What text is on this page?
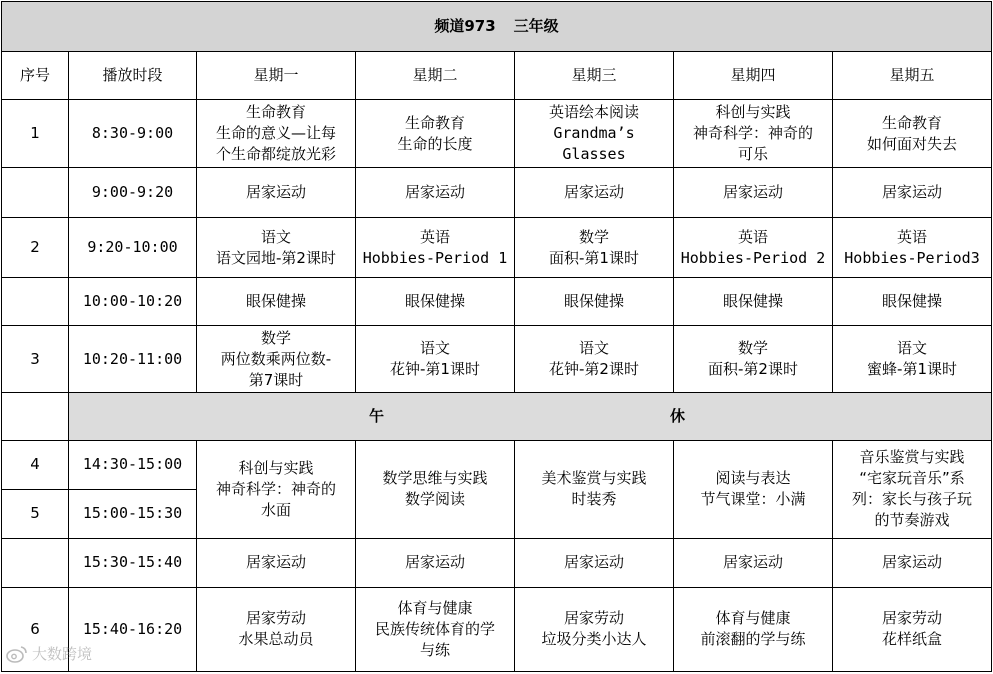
频道973 三年级						
序号	播放时段	星期一	星期二	星期三	星期四	星期五
1	8:30-9:00	生命教育
生命的意义—让每
个生命都绽放光彩	生命教育
生命的长度	英语绘本阅读
Grandma’s
Glasses	科创与实践
神奇科学：神奇的
可乐	生命教育
如何面对失去

	9:00-9:20	居家运动	居家运动	居家运动	居家运动	居家运动

2	9:20-10:00	语文
语文园地-第2课时	英语
Hobbies-Period 1	数学
面积-第1课时	英语
Hobbies-Period 2	英语
Hobbies-Period3

	10:00-10:20	眼保健操	眼保健操	眼保健操	眼保健操	眼保健操

3	10:20-11:00	数学
两位数乘两位数-
第7课时	语文
花钟-第1课时	语文
花钟-第2课时	数学
面积-第2课时	语文
蜜蜂-第1课时

	午 休					

4	14:30-15:00	科创与实践
神奇科学：神奇的
水面	数学思维与实践
数学阅读	美术鉴赏与实践
时装秀	阅读与表达
节气课堂：小满	音乐鉴赏与实践
“宅家玩音乐”系
列：家长与孩子玩
的节奏游戏

5	15:00-15:30					
	15:30-15:40	居家运动	居家运动	居家运动	居家运动	居家运动

6	15:40-16:20	居家劳动
水果总动员	体育与健康
民族传统体育的学
与练	居家劳动
垃圾分类小达人	体育与健康
前滚翻的学与练	居家劳动
花样纸盒
大数跨境
